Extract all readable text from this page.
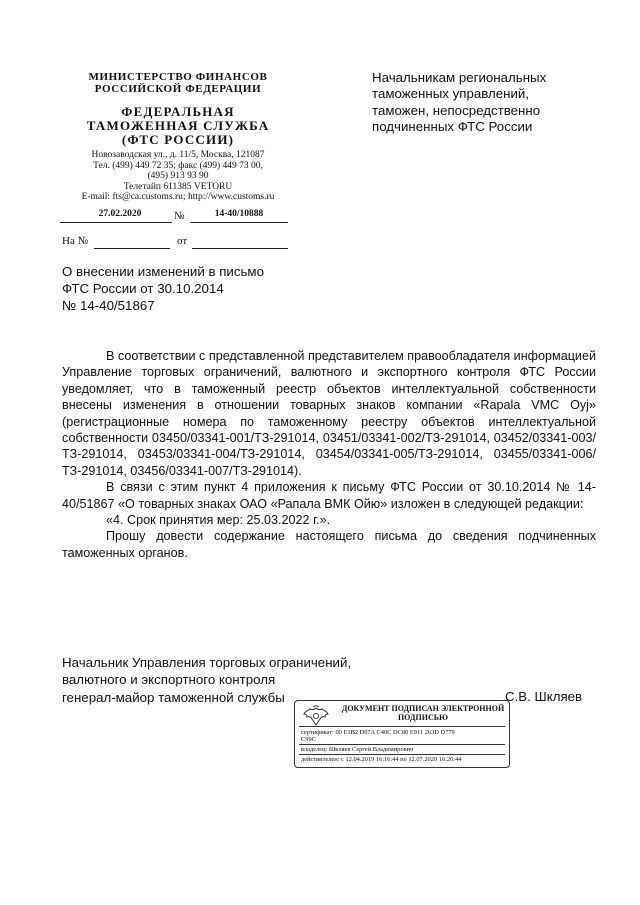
МИНИСТЕРСТВО ФИНАНСОВ
РОССИЙСКОЙ ФЕДЕРАЦИИ
ФЕДЕРАЛЬНАЯ
ТАМОЖЕННАЯ СЛУЖБА
(ФТС РОССИИ)
Новозаводская ул., д. 11/5, Москва, 121087
Тел. (499) 449 72 35; факс (499) 449 73 00,
(495) 913 93 90
Телетайп 611385 VETORU
E-mail: fts@ca.customs.ru; http://www.customs.ru
27.02.2020	№	14-40/10888
На №	от
Начальникам региональных
таможенных управлений,
таможен, непосредственно
подчиненных ФТС России
О внесении изменений в письмо
ФТС России от 30.10.2014
№ 14-40/51867

В соответствии с представленной представителем правообладателя информацией Управление торговых ограничений, валютного и экспортного контроля ФТС России уведомляет, что в таможенный реестр объектов интеллектуальной собственности внесены изменения в отношении товарных знаков компании «Rapala VMC Oyj» (регистрационные номера по таможенному реестру объектов интеллектуальной собственности 03450/03341-001/ТЗ-291014, 03451/03341-002/ТЗ-291014, 03452/03341-003/ТЗ-291014, 03453/03341-004/ТЗ-291014, 03454/03341-005/ТЗ-291014, 03455/03341-006/ТЗ-291014, 03456/03341-007/ТЗ-291014).

В связи с этим пункт 4 приложения к письму ФТС России от 30.10.2014 № 14-40/51867 «О товарных знаках ОАО «Рапала ВМК Ойю» изложен в следующей редакции:

«4. Срок принятия мер: 25.03.2022 г.».

Прошу довести содержание настоящего письма до сведения подчиненных таможенных органов.

Начальник Управления торговых ограничений,
валютного и экспортного контроля
генерал-майор таможенной службы	С.В. Шкляев
ДОКУМЕНТ ПОДПИСАН ЭЛЕКТРОННОЙ
ПОДПИСЬЮ
сертификат: 00 E1B2 D97A C40C DC80 E911 263D D779
C99C
владелец: Шкляев Сергей Владимирович
действителен: с 12.04.2019 16:16:44 по 12.07.2020 16:26:44
